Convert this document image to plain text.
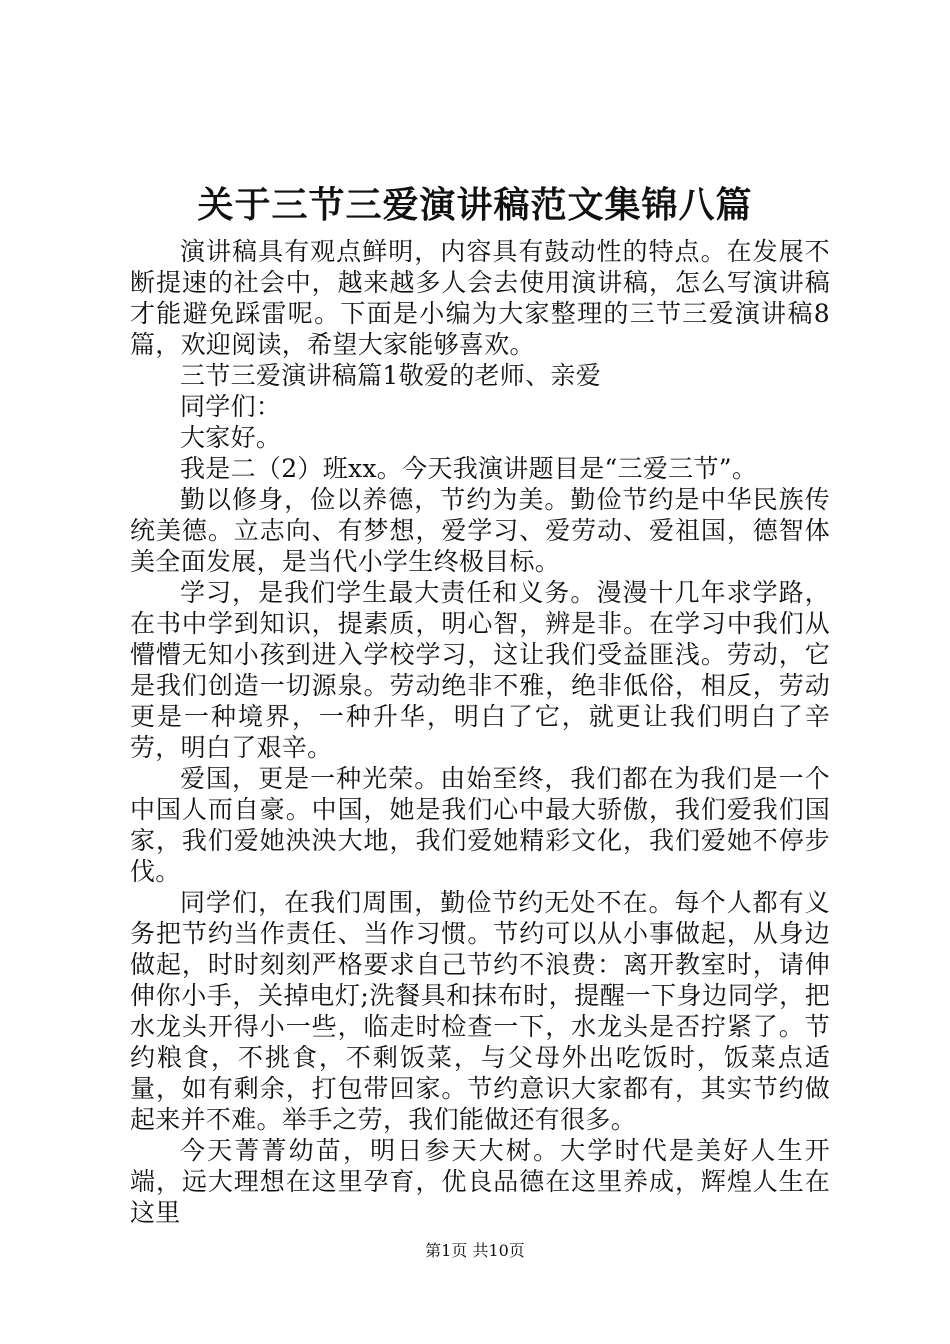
关于三节三爱演讲稿范文集锦八篇

演讲稿具有观点鲜明，内容具有鼓动性的特点。在发展不断提速的社会中，越来越多人会去使用演讲稿，怎么写演讲稿才能避免踩雷呢。下面是小编为大家整理的三节三爱演讲稿8篇，欢迎阅读，希望大家能够喜欢。

三节三爱演讲稿篇1敬爱的老师、亲爱

同学们：

大家好。

我是二（2）班xx。今天我演讲题目是“三爱三节”。

勤以修身，俭以养德，节约为美。勤俭节约是中华民族传统美德。立志向、有梦想，爱学习、爱劳动、爱祖国，德智体美全面发展，是当代小学生终极目标。

学习，是我们学生最大责任和义务。漫漫十几年求学路，在书中学到知识，提素质，明心智，辨是非。在学习中我们从懵懵无知小孩到进入学校学习，这让我们受益匪浅。劳动，它是我们创造一切源泉。劳动绝非不雅，绝非低俗，相反，劳动更是一种境界，一种升华，明白了它，就更让我们明白了辛劳，明白了艰辛。

爱国，更是一种光荣。由始至终，我们都在为我们是一个中国人而自豪。中国，她是我们心中最大骄傲，我们爱我们国家，我们爱她泱泱大地，我们爱她精彩文化，我们爱她不停步伐。

同学们，在我们周围，勤俭节约无处不在。每个人都有义务把节约当作责任、当作习惯。节约可以从小事做起，从身边做起，时时刻刻严格要求自己节约不浪费：离开教室时，请伸伸你小手，关掉电灯;洗餐具和抹布时，提醒一下身边同学，把水龙头开得小一些，临走时检查一下，水龙头是否拧紧了。节约粮食，不挑食，不剩饭菜，与父母外出吃饭时，饭菜点适量，如有剩余，打包带回家。节约意识大家都有，其实节约做起来并不难。举手之劳，我们能做还有很多。

今天菁菁幼苗，明日参天大树。大学时代是美好人生开端，远大理想在这里孕育，优良品德在这里养成，辉煌人生在这里

第1页 共10页
